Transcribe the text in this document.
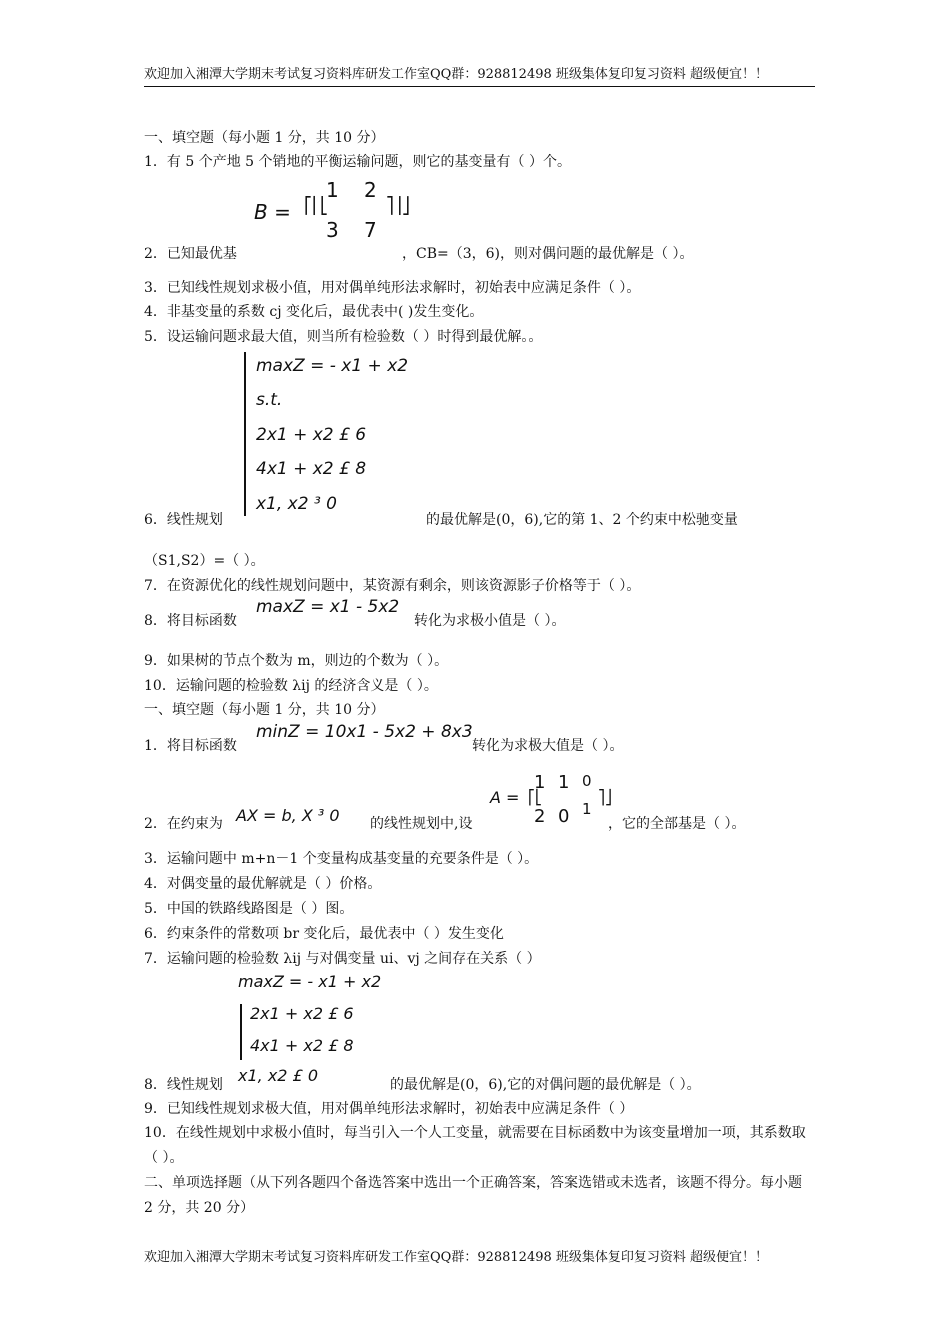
欢迎加入湘潭大学期末考试复习资料库研发工作室QQ群：928812498 班级集体复印复习资料 超级便宜！！
一、填空题（每小题 1 分，共 10 分）
1．有 5 个产地 5 个销地的平衡运输问题，则它的基变量有（ ）个。
B = ⎡⎢⎣
1 2
3 7
⎤⎥⎦
2．已知最优基	，CB=（3，6)，则对偶问题的最优解是（ ）。
3．已知线性规划求极小值，用对偶单纯形法求解时，初始表中应满足条件（ ）。
4．非基变量的系数 cj 变化后，最优表中( )发生变化。
5．设运输问题求最大值，则当所有检验数（ ）时得到最优解。。
maxZ = - x1 + x2
s.t.
2x1 + x2 £ 6
4x1 + x2 £ 8
x1, x2 ³ 0
6．线性规划	的最优解是(0，6),它的第 1、2 个约束中松驰变量
（S1,S2）=（ ）。
7．在资源优化的线性规划问题中，某资源有剩余，则该资源影子价格等于（ ）。
8．将目标函数
maxZ = x1 - 5x2
转化为求极小值是（ ）。
9．如果树的节点个数为 m，则边的个数为（ ）。
10．运输问题的检验数 λij 的经济含义是（ ）。
一、填空题（每小题 1 分，共 10 分）
1．将目标函数
minZ = 10x1 - 5x2 + 8x3
转化为求极大值是（ ）。
A = ⎡⎣
1 1 0
2 0 1
⎤⎦
2．在约束为 AX = b, X ³ 0 的线性规划中,设	，它的全部基是（ ）。
3．运输问题中 m+n－1 个变量构成基变量的充要条件是（ ）。
4．对偶变量的最优解就是（ ）价格。
5．中国的铁路线路图是（ ）图。
6．约束条件的常数项 br 变化后，最优表中（ ）发生变化
7．运输问题的检验数 λij 与对偶变量 ui、vj 之间存在关系（ ）
maxZ = - x1 + x2
2x1 + x2 £ 6
4x1 + x2 £ 8
x1, x2 £ 0
8．线性规划	的最优解是(0，6),它的对偶问题的最优解是（ ）。
9．已知线性规划求极大值，用对偶单纯形法求解时，初始表中应满足条件（ ）
10．在线性规划中求极小值时，每当引入一个人工变量，就需要在目标函数中为该变量增加一项，其系数取（ ）。
二、单项选择题（从下列各题四个备选答案中选出一个正确答案，答案选错或未选者，该题不得分。每小题 2 分，共 20 分）
欢迎加入湘潭大学期末考试复习资料库研发工作室QQ群：928812498 班级集体复印复习资料 超级便宜！！
